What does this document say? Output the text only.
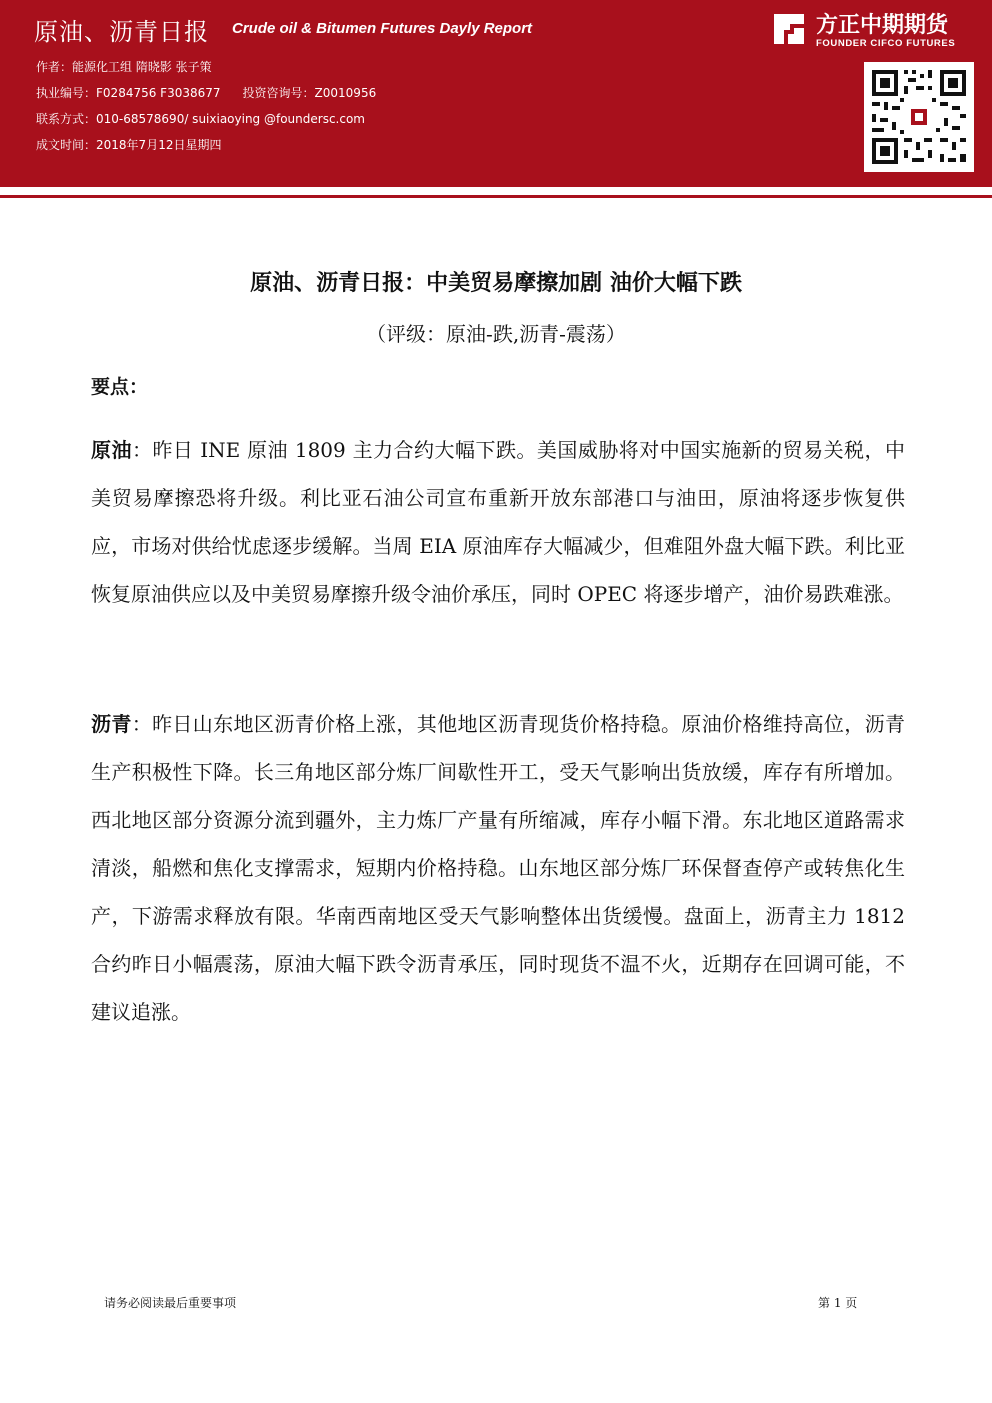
原油、沥青日报 Crude oil & Bitumen Futures Dayly Report
作者：能源化工组 隋晓影 张子策
执业编号：F0284756 F3038677 投资咨询号：Z0010956
联系方式：010-68578690/ suixiaoying @foundersc.com
成文时间：2018年7月12日星期四
方正中期期货
FOUNDER CIFCO FUTURES
原油、沥青日报：中美贸易摩擦加剧 油价大幅下跌
（评级：原油-跌,沥青-震荡）
要点：
原油：昨日 INE 原油 1809 主力合约大幅下跌。美国威胁将对中国实施新的贸易关税，中美贸易摩擦恐将升级。利比亚石油公司宣布重新开放东部港口与油田，原油将逐步恢复供应，市场对供给忧虑逐步缓解。当周 EIA 原油库存大幅减少，但难阻外盘大幅下跌。利比亚恢复原油供应以及中美贸易摩擦升级令油价承压，同时 OPEC 将逐步增产，油价易跌难涨。
沥青：昨日山东地区沥青价格上涨，其他地区沥青现货价格持稳。原油价格维持高位，沥青生产积极性下降。长三角地区部分炼厂间歇性开工，受天气影响出货放缓，库存有所增加。西北地区部分资源分流到疆外，主力炼厂产量有所缩减，库存小幅下滑。东北地区道路需求清淡，船燃和焦化支撑需求，短期内价格持稳。山东地区部分炼厂环保督查停产或转焦化生产，下游需求释放有限。华南西南地区受天气影响整体出货缓慢。盘面上，沥青主力 1812 合约昨日小幅震荡，原油大幅下跌令沥青承压，同时现货不温不火，近期存在回调可能，不建议追涨。
请务必阅读最后重要事项	第 1 页
